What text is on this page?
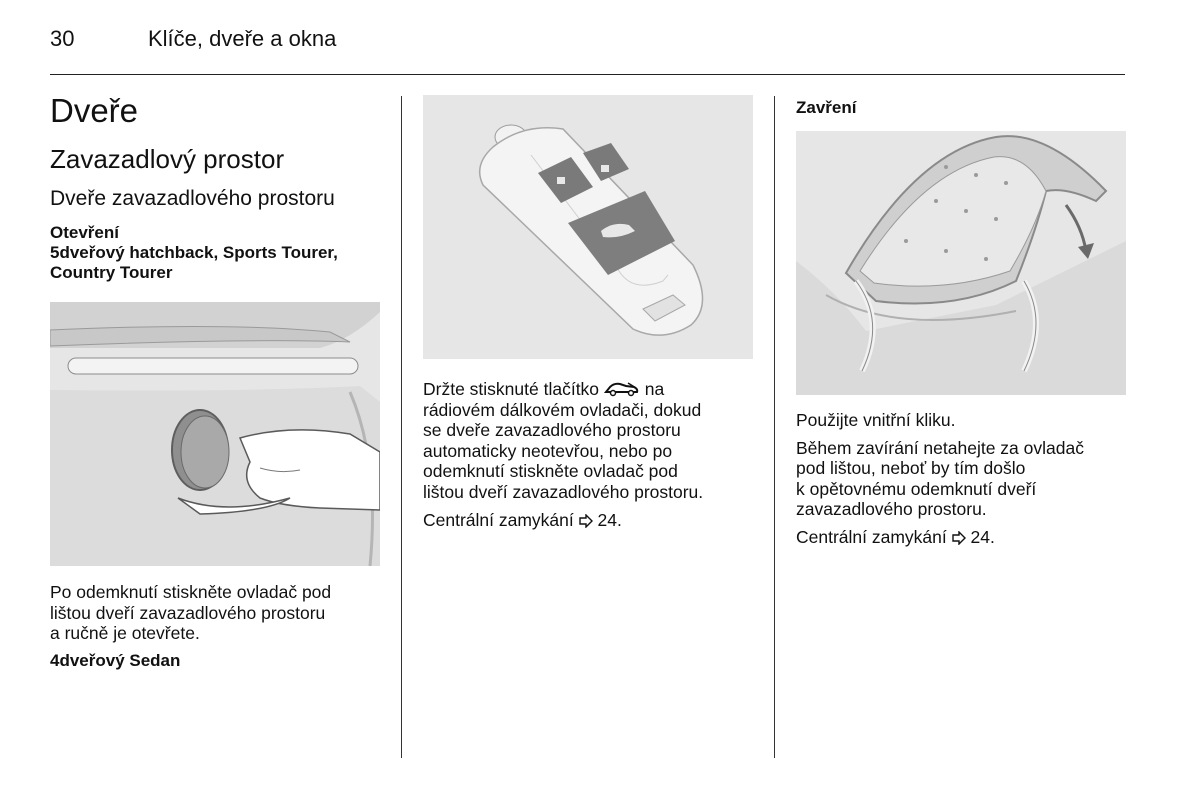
30	Klíče, dveře a okna
Dveře
Zavazadlový prostor
Dveře zavazadlového prostoru
Otevření
5dveřový hatchback, Sports Tourer,
Country Tourer
Po odemknutí stiskněte ovladač pod
lištou dveří zavazadlového prostoru
a ručně je otevřete.
4dveřový Sedan
Držte stisknuté tlačítko	na
rádiovém dálkovém ovladači, dokud
se dveře zavazadlového prostoru
automaticky neotevřou, nebo po
odemknutí stiskněte ovladač pod
lištou dveří zavazadlového prostoru.
Centrální zamykání 24.
Zavření
Použijte vnitřní kliku.
Během zavírání netahejte za ovladač
pod lištou, neboť by tím došlo
k opětovnému odemknutí dveří
zavazadlového prostoru.
Centrální zamykání 24.
